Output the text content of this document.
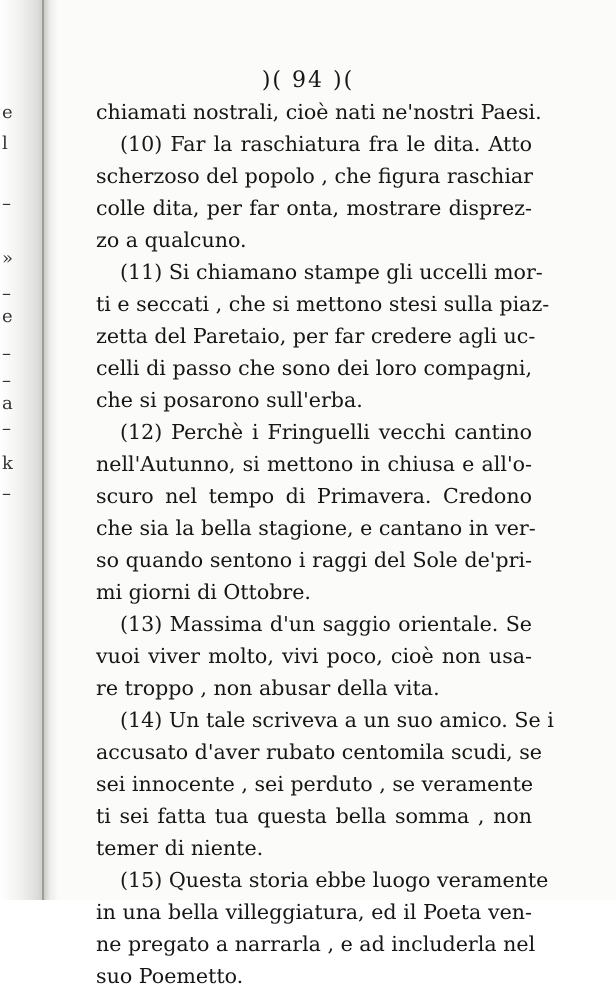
e
l
–
»
–
e
–
–
a
–
k
–
)( 94 )(
chiamati nostrali, cioè nati ne'nostri Paesi.
(10) Far la raschiatura fra le dita. Atto
scherzoso del popolo , che figura raschiar
colle dita, per far onta, mostrare disprez-
zo a qualcuno.
(11) Si chiamano stampe gli uccelli mor-
ti e seccati , che si mettono stesi sulla piaz-
zetta del Paretaio, per far credere agli uc-
celli di passo che sono dei loro compagni,
che si posarono sull'erba.
(12) Perchè i Fringuelli vecchi cantino
nell'Autunno, si mettono in chiusa e all'o-
scuro nel tempo di Primavera. Credono
che sia la bella stagione, e cantano in ver-
so quando sentono i raggi del Sole de'pri-
mi giorni di Ottobre.
(13) Massima d'un saggio orientale. Se
vuoi viver molto, vivi poco, cioè non usa-
re troppo , non abusar della vita.
(14) Un tale scriveva a un suo amico. Se i
accusato d'aver rubato centomila scudi, se
sei innocente , sei perduto , se veramente
ti sei fatta tua questa bella somma , non
temer di niente.
(15) Questa storia ebbe luogo veramente
in una bella villeggiatura, ed il Poeta ven-
ne pregato a narrarla , e ad includerla nel
suo Poemetto.
